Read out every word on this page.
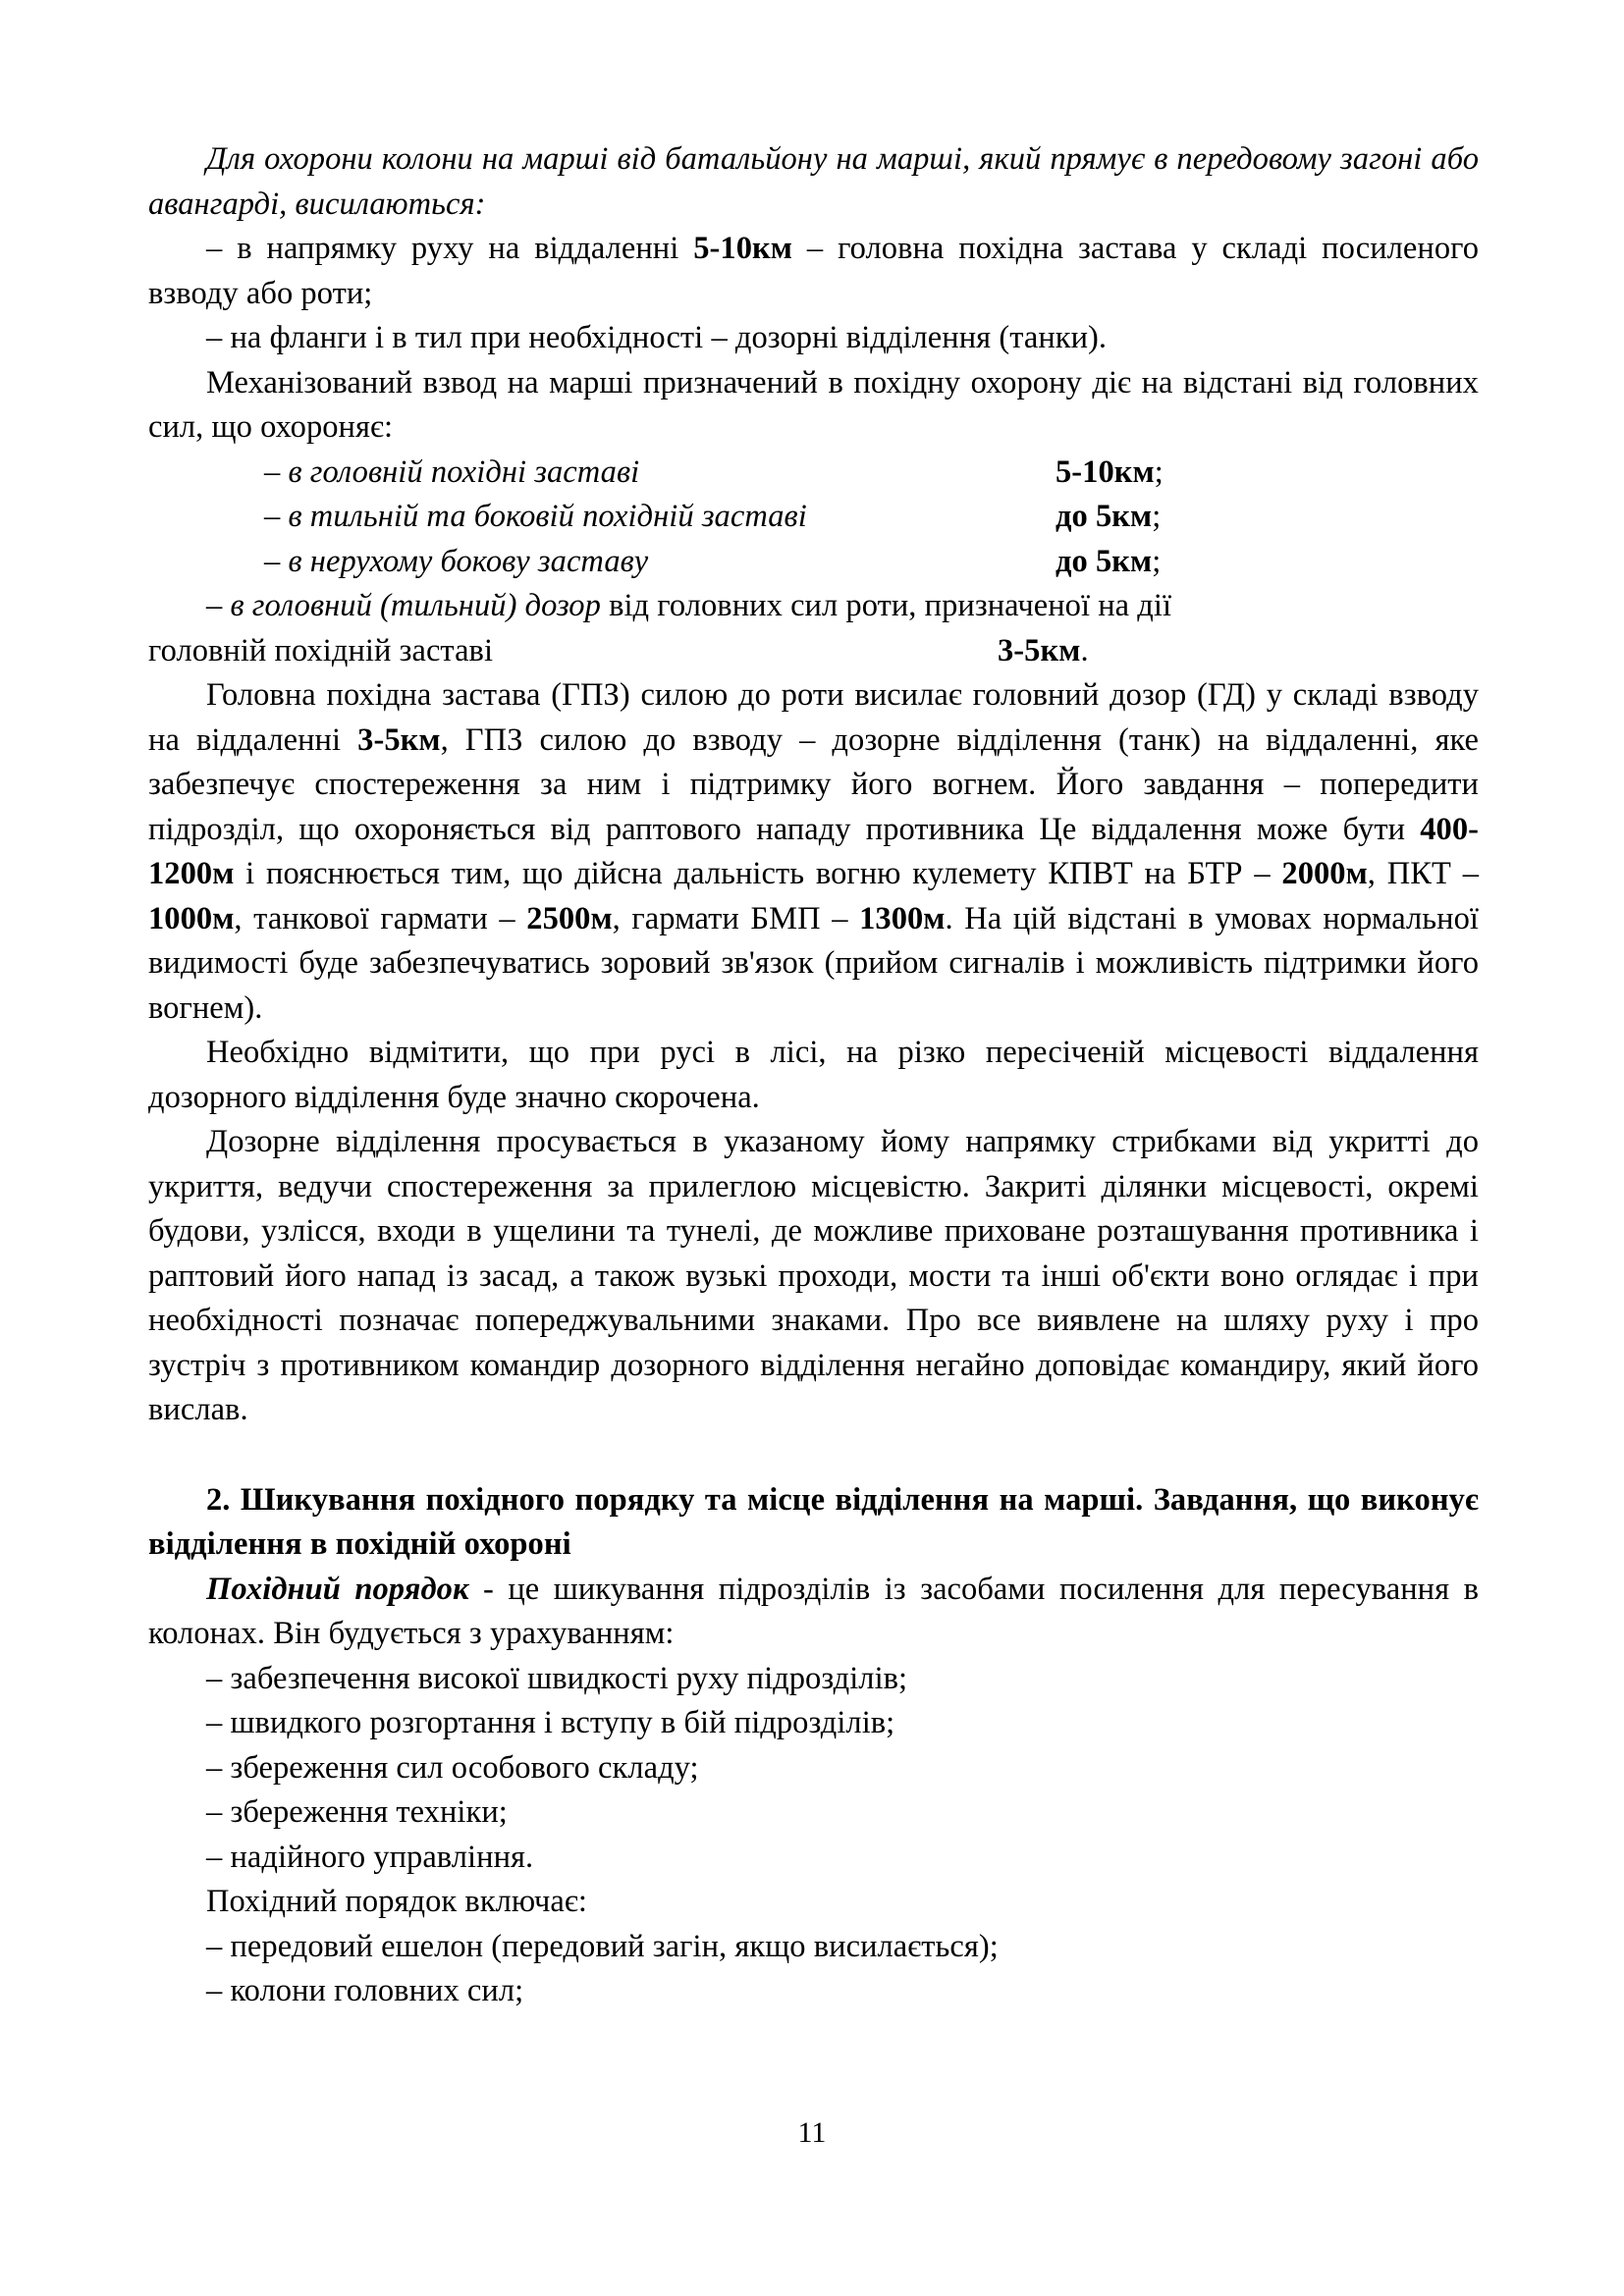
Для охорони колони на марші від батальйону на марші, який прямує в передовому загоні або авангарді, висилаються:

– в напрямку руху на віддаленні 5-10км – головна похідна застава у складі посиленого взводу або роти;

– на фланги і в тил при необхідності – дозорні відділення (танки).

Механізований взвод на марші призначений в похідну охорону діє на відстані від головних сил, що охороняє:

– в головній похідні заставі	5-10км;

– в тильній та боковій похідній заставі	до 5км;

– в нерухому бокову заставу	до 5км;

– в головний (тильний) дозор від головних сил роти, призначеної на дії

головній похідній заставі	3-5км.

Головна похідна застава (ГПЗ) силою до роти висилає головний дозор (ГД) у складі взводу на віддаленні 3-5км, ГПЗ силою до взводу – дозорне відділення (танк) на віддаленні, яке забезпечує спостереження за ним і підтримку його вогнем. Його завдання – попередити підрозділ, що охороняється від раптового нападу противника Це віддалення може бути 400-1200м і пояснюється тим, що дійсна дальність вогню кулемету КПВТ на БТР – 2000м, ПКТ – 1000м, танкової гармати – 2500м, гармати БМП – 1300м. На цій відстані в умовах нормальної видимості буде забезпечуватись зоровий зв'язок (прийом сигналів і можливість підтримки його вогнем).

Необхідно відмітити, що при русі в лісі, на різко пересіченій місцевості віддалення дозорного відділення буде значно скорочена.

Дозорне відділення просувається в указаному йому напрямку стрибками від укритті до укриття, ведучи спостереження за прилеглою місцевістю. Закриті ділянки місцевості, окремі будови, узлісся, входи в ущелини та тунелі, де можливе приховане розташування противника і раптовий його напад із засад, а також вузькі проходи, мости та інші об'єкти воно оглядає і при необхідності позначає попереджувальними знаками. Про все виявлене на шляху руху і про зустріч з противником командир дозорного відділення негайно доповідає командиру, який його вислав.

2. Шикування похідного порядку та місце відділення на марші. Завдання, що виконує відділення в похідній охороні

Похідний порядок - це шикування підрозділів із засобами посилення для пересування в колонах. Він будується з урахуванням:

– забезпечення високої швидкості руху підрозділів;

– швидкого розгортання і вступу в бій підрозділів;

– збереження сил особового складу;

– збереження техніки;

– надійного управління.

Похідний порядок включає:

– передовий ешелон (передовий загін, якщо висилається);

– колони головних сил;

11
